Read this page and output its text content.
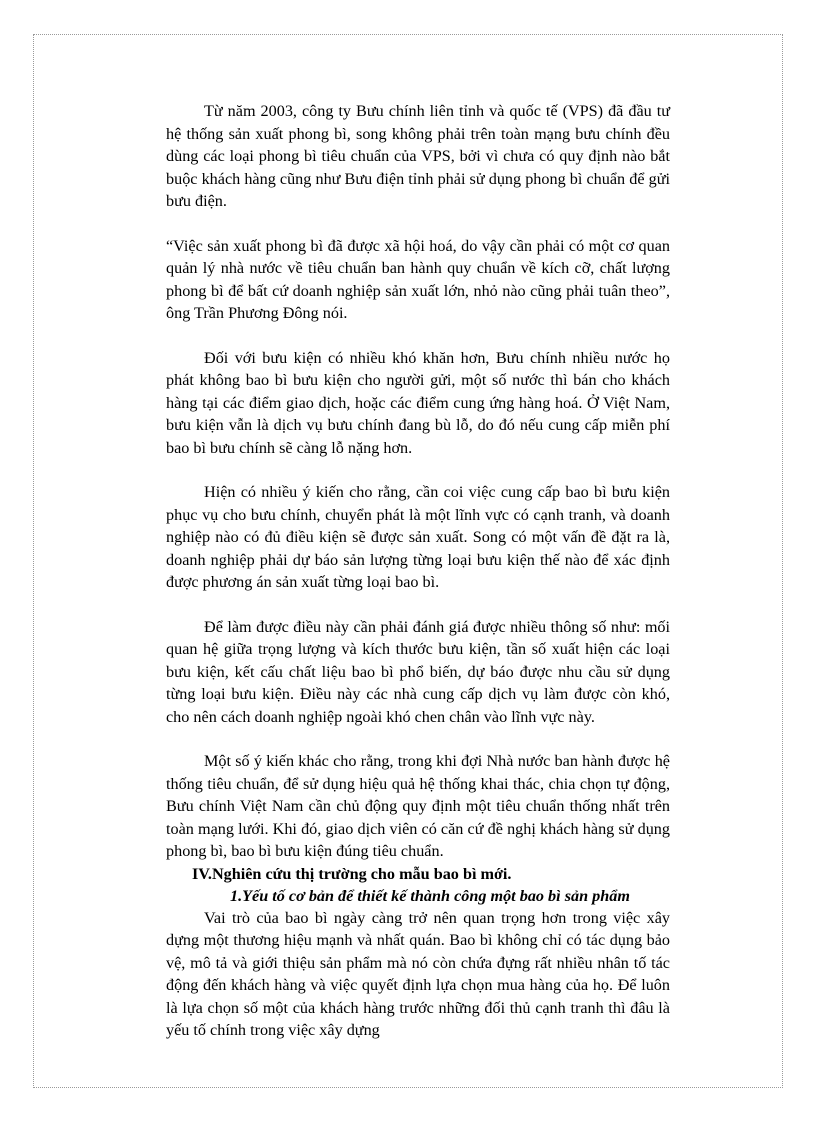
Từ năm 2003, công ty Bưu chính liên tỉnh và quốc tế (VPS) đã đầu tư hệ thống sản xuất phong bì, song không phải trên toàn mạng bưu chính đều dùng các loại phong bì tiêu chuẩn của VPS, bởi vì chưa có quy định nào bắt buộc khách hàng cũng như Bưu điện tỉnh phải sử dụng phong bì chuẩn để gửi bưu điện.

“Việc sản xuất phong bì đã được xã hội hoá, do vậy cần phải có một cơ quan quản lý nhà nước về tiêu chuẩn ban hành quy chuẩn về kích cỡ, chất lượng phong bì để bất cứ doanh nghiệp sản xuất lớn, nhỏ nào cũng phải tuân theo”, ông Trần Phương Đông nói.

Đối với bưu kiện có nhiều khó khăn hơn, Bưu chính nhiều nước họ phát không bao bì bưu kiện cho người gửi, một số nước thì bán cho khách hàng tại các điểm giao dịch, hoặc các điểm cung ứng hàng hoá. Ở Việt Nam, bưu kiện vẫn là dịch vụ bưu chính đang bù lỗ, do đó nếu cung cấp miễn phí bao bì bưu chính sẽ càng lỗ nặng hơn.

Hiện có nhiều ý kiến cho rằng, cần coi việc cung cấp bao bì bưu kiện phục vụ cho bưu chính, chuyển phát là một lĩnh vực có cạnh tranh, và doanh nghiệp nào có đủ điều kiện sẽ được sản xuất. Song có một vấn đề đặt ra là, doanh nghiệp phải dự báo sản lượng từng loại bưu kiện thế nào để xác định được phương án sản xuất từng loại bao bì.

Để làm được điều này cần phải đánh giá được nhiều thông số như: mối quan hệ giữa trọng lượng và kích thước bưu kiện, tần số xuất hiện các loại bưu kiện, kết cấu chất liệu bao bì phổ biến, dự báo được nhu cầu sử dụng từng loại bưu kiện. Điều này các nhà cung cấp dịch vụ làm được còn khó, cho nên cách doanh nghiệp ngoài khó chen chân vào lĩnh vực này.

Một số ý kiến khác cho rằng, trong khi đợi Nhà nước ban hành được hệ thống tiêu chuẩn, để sử dụng hiệu quả hệ thống khai thác, chia chọn tự động, Bưu chính Việt Nam cần chủ động quy định một tiêu chuẩn thống nhất trên toàn mạng lưới. Khi đó, giao dịch viên có căn cứ đề nghị khách hàng sử dụng phong bì, bao bì bưu kiện đúng tiêu chuẩn.

IV.Nghiên cứu thị trường cho mẫu bao bì mới.

1.Yếu tố cơ bản để thiết kế thành công một bao bì sản phẩm

Vai trò của bao bì ngày càng trở nên quan trọng hơn trong việc xây dựng một thương hiệu mạnh và nhất quán. Bao bì không chỉ có tác dụng bảo vệ, mô tả và giới thiệu sản phẩm mà nó còn chứa đựng rất nhiều nhân tố tác động đến khách hàng và việc quyết định lựa chọn mua hàng của họ. Để luôn là lựa chọn số một của khách hàng trước những đối thủ cạnh tranh thì đâu là yếu tố chính trong việc xây dựng
